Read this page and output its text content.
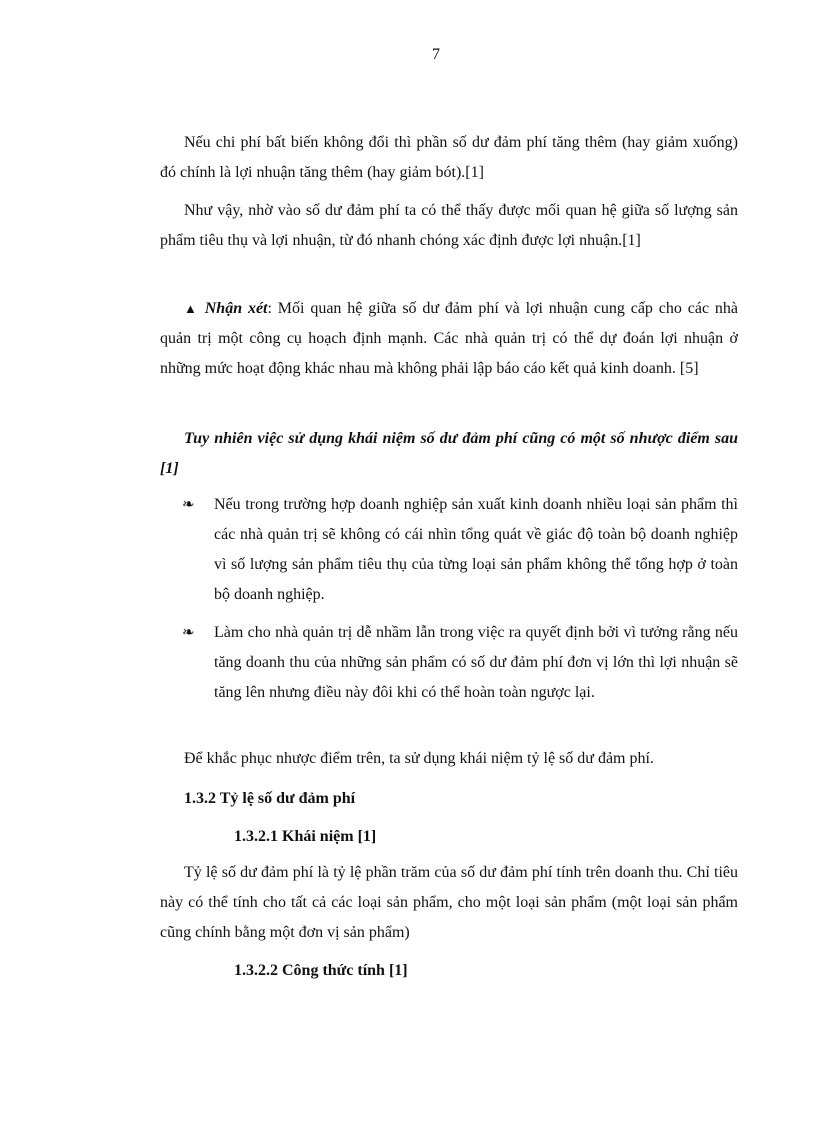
7

Nếu chi phí bất biến không đổi thì phần số dư đảm phí tăng thêm (hay giảm xuống) đó chính là lợi nhuận tăng thêm (hay giảm bót).[1]

Như vậy, nhờ vào số dư đảm phí ta có thể thấy được mối quan hệ giữa số lượng sản phẩm tiêu thụ và lợi nhuận, từ đó nhanh chóng xác định được lợi nhuận.[1]

▲ Nhận xét: Mối quan hệ giữa số dư đảm phí và lợi nhuận cung cấp cho các nhà quản trị một công cụ hoạch định mạnh. Các nhà quản trị có thể dự đoán lợi nhuận ở những mức hoạt động khác nhau mà không phải lập báo cáo kết quả kinh doanh. [5]

Tuy nhiên việc sử dụng khái niệm số dư đảm phí cũng có một số nhược điểm sau [1]

❧ Nếu trong trường hợp doanh nghiệp sản xuất kinh doanh nhiều loại sản phẩm thì các nhà quản trị sẽ không có cái nhìn tổng quát về giác độ toàn bộ doanh nghiệp vì số lượng sản phẩm tiêu thụ của từng loại sản phẩm không thể tổng hợp ở toàn bộ doanh nghiệp.
❧ Làm cho nhà quản trị dễ nhầm lẫn trong việc ra quyết định bởi vì tưởng rằng nếu tăng doanh thu của những sản phẩm có số dư đảm phí đơn vị lớn thì lợi nhuận sẽ tăng lên nhưng điều này đôi khi có thể hoàn toàn ngược lại.

Để khắc phục nhược điểm trên, ta sử dụng khái niệm tỷ lệ số dư đảm phí.

1.3.2 Tỷ lệ số dư đảm phí
1.3.2.1 Khái niệm [1]

Tỷ lệ số dư đảm phí là tỷ lệ phần trăm của số dư đảm phí tính trên doanh thu. Chỉ tiêu này có thể tính cho tất cả các loại sản phẩm, cho một loại sản phẩm (một loại sản phẩm cũng chính bằng một đơn vị sản phẩm)

1.3.2.2 Công thức tính [1]
